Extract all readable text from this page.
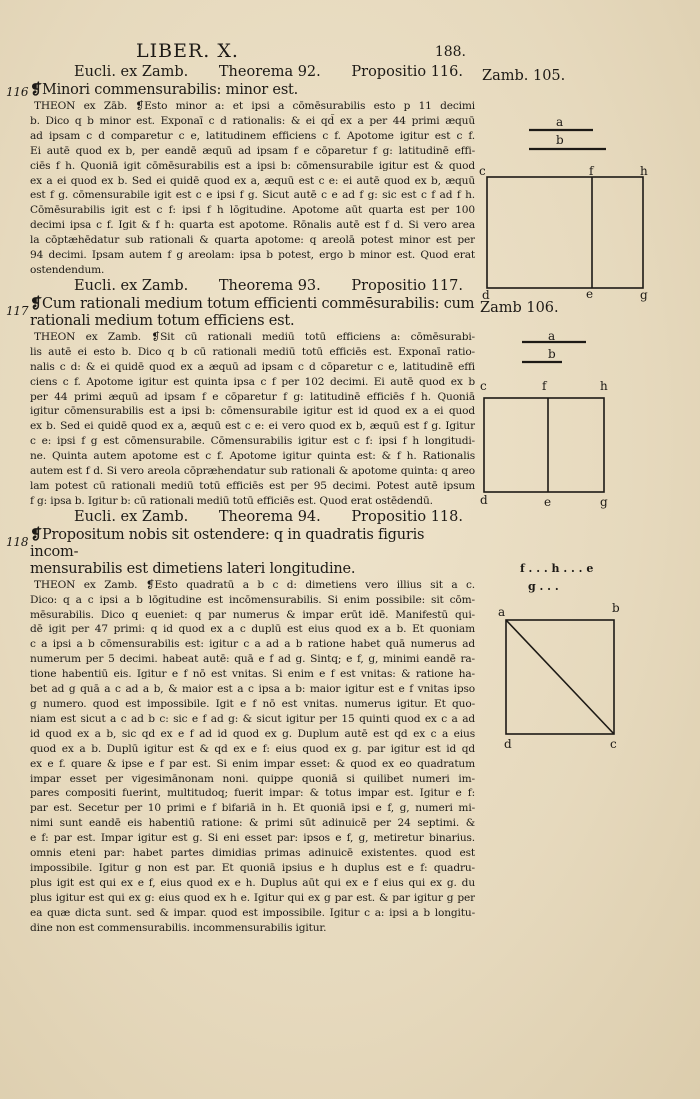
LIBER. X.	188.
Eucli. ex Zamb. Theorema 92. Propositio 116.
116 ❡Minori commensurabilis: minor est.
THEON ex Zāb. ❡Esto minor a: et ipsi a cōmēsurabilis esto p 11 decimi
b. Dico q b minor est. Exponaī c d rationalis: & ei qd̄ ex a per 44 primi æquū
ad ipsam c d comparetur c e, latitudinem efficiens c f. Apotome igitur est c f.
Ei autē quod ex b, per eandē æquū ad ipsam f e cōparetur f g: latitudinē effi-
ciēs f h. Quoniā igit cōmēsurabilis est a ipsi b: cōmensurabile igitur est & quod
ex a ei quod ex b. Sed ei quidē quod ex a, æquū est c e: ei autē quod ex b, æquū
est f g. cōmensurabile igit est c e ipsi f g. Sicut autē c e ad f g: sic est c f ad f h.
Cōmēsurabilis igit est c f: ipsi f h lōgitudine. Apotome aūt quarta est per 100
decimi ipsa c f. Igit & f h: quarta est apotome. Rōnalis autē est f d. Si vero area
la cōptæhēdatur sub rationali & quarta apotome: q areolā potest minor est per
94 decimi. Ipsam autem f g areolam: ipsa b potest, ergo b minor est. Quod erat
ostendendum.
Eucli. ex Zamb. Theorema 93. Propositio 117.
117 ❡Cum rationali medium totum efficienti commēsurabilis: cum
rationali medium totum efficiens est.
THEON ex Zamb. ❡Sit cū rationali mediū totū efficiens a: cōmēsurabi-
lis autē ei esto b. Dico q b cū rationali mediū totū efficiēs est. Exponaī ratio-
nalis c d: & ei quidē quod ex a æquū ad ipsam c d cōparetur c e, latitudinē effi
ciens c f. Apotome igitur est quinta ipsa c f per 102 decimi. Ei autē quod ex b
per 44 primi æquū ad ipsam f e cōparetur f g: latitudinē efficiēs f h. Quoniā
igitur cōmensurabilis est a ipsi b: cōmensurabile igitur est id quod ex a ei quod
ex b. Sed ei quidē quod ex a, æquū est c e: ei vero quod ex b, æquū est f g. Igitur
c e: ipsi f g est cōmensurabile. Cōmensurabilis igitur est c f: ipsi f h longitudi-
ne. Quinta autem apotome est c f. Apotome igitur quinta est: & f h. Rationalis
autem est f d. Si vero areola cōpræhendatur sub rationali & apotome quinta: q areo
lam potest cū rationali mediū totū efficiēs est per 95 decimi. Potest autē ipsum
f g: ipsa b. Igitur b: cū rationali mediū totū efficiēs est. Quod erat ostēdendū.
Eucli. ex Zamb. Theorema 94. Propositio 118.
118 ❡Propositum nobis sit ostendere: q in quadratis figuris incom-
mensurabilis est dimetiens lateri longitudine.
THEON ex Zamb. ❡Esto quadratū a b c d: dimetiens vero illius sit a c.
Dico: q a c ipsi a b lōgitudine est incōmensurabilis. Si enim possibile: sit cōm-
mēsurabilis. Dico q eueniet: q par numerus & impar erūt idē. Manifestū qui-
dē igit per 47 primi: q id quod ex a c duplū est eius quod ex a b. Et quoniam
c a ipsi a b cōmensurabilis est: igitur c a ad a b ratione habet quā numerus ad
numerum per 5 decimi. habeat autē: quā e f ad g. Sintq; e f, g, minimi eandē ra-
tione habentiū eis. Igitur e f nō est vnitas. Si enim e f est vnitas: & ratione ha-
bet ad g quā a c ad a b, & maior est a c ipsa a b: maior igitur est e f vnitas ipso
g numero. quod est impossibile. Igit e f nō est vnitas. numerus igitur. Et quo-
niam est sicut a c ad b c: sic e f ad g: & sicut igitur per 15 quinti quod ex c a ad
id quod ex a b, sic qd ex e f ad id quod ex g. Duplum autē est qd ex c a eius
quod ex a b. Duplū igitur est & qd ex e f: eius quod ex g. par igitur est id qd
ex e f. quare & ipse e f par est. Si enim impar esset: & quod ex eo quadratum
impar esset per vigesimānonam noni. quippe quoniā si quilibet numeri im-
pares compositi fuerint, multitudoq; fuerit impar: & totus impar est. Igitur e f:
par est. Secetur per 10 primi e f bifariā in h. Et quoniā ipsi e f, g, numeri mi-
nimi sunt eandē eis habentiū ratione: & primi sūt adinuicē per 24 septimi. &
e f: par est. Impar igitur est g. Si eni esset par: ipsos e f, g, metiretur binarius.
omnis eteni par: habet partes dimidias primas adinuicē existentes. quod est
impossibile. Igitur g non est par. Et quoniā ipsius e h duplus est e f: quadru-
plus igit est qui ex e f, eius quod ex e h. Duplus aūt qui ex e f eius qui ex g. du
plus igitur est qui ex g: eius quod ex h e. Igitur qui ex g par est. & par igitur g per
ea quæ dicta sunt. sed & impar. quod est impossibile. Igitur c a: ipsi a b longitu-
dine non est commensurabilis. incommensurabilis igitur.
Zamb. 105.
a
b
c	f	h
d	e	g
Zamb 106.
a
b
c	f	h
d	e	g
f . . . h . . . e
g . . .
a	b
d	c
